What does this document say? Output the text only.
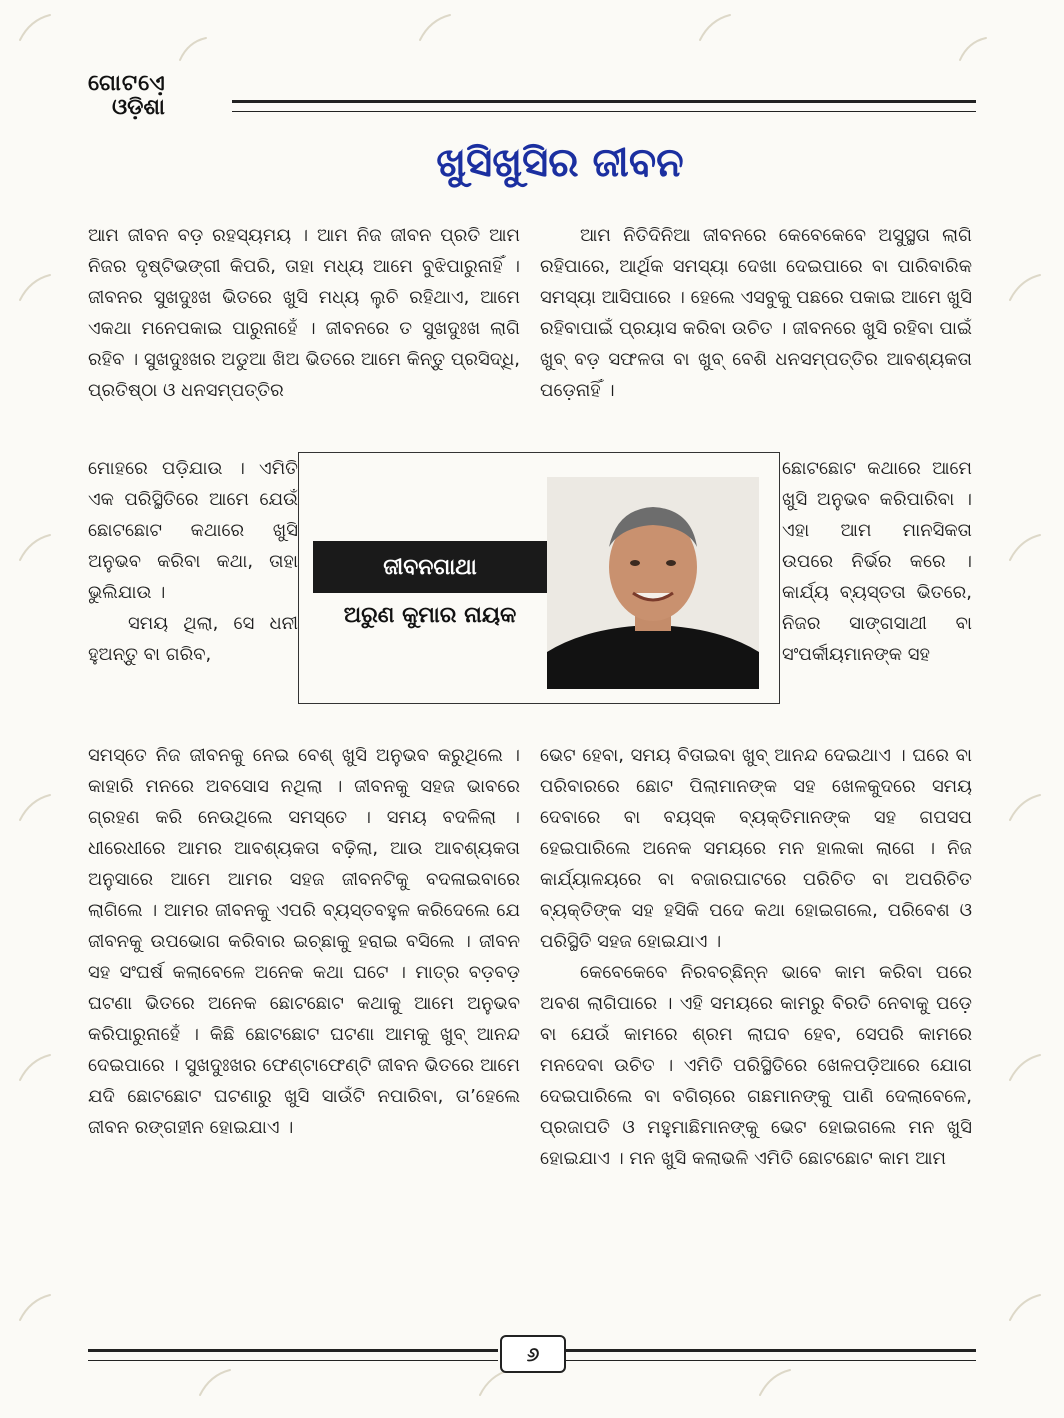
ଗୋଟଏ଼େ
ଓଡ଼ିଶା
ଖୁସିଖୁସିର ଜୀବନ

ଆମ ଜୀବନ ବଡ଼ ରହସ୍ୟମୟ । ଆମ ନିଜ ଜୀବନ ପ୍ରତି ଆମ ନିଜର ଦୃଷ୍ଟିଭଙ୍ଗୀ କିପରି, ତାହା ମଧ୍ୟ ଆମେ ବୁଝିପାରୁନାହିଁ । ଜୀବନର ସୁଖଦୁଃଖ ଭିତରେ ଖୁସି ମଧ୍ୟ ଲୁଚି ରହିଥାଏ, ଆମେ ଏକଥା ମନେପକାଇ ପାରୁନାହେଁ । ଜୀବନରେ ତ ସୁଖଦୁଃଖ ଲାଗି ରହିବ । ସୁଖଦୁଃଖର ଅଡୁଆ ଖିଅ ଭିତରେ ଆମେ କିନ୍ତୁ ପ୍ରସିଦ୍ଧି, ପ୍ରତିଷ୍ଠା ଓ ଧନସମ୍ପତ୍ତିର

ମୋହରେ ପଡ଼ିଯାଉ । ଏମିତି ଏକ ପରିସ୍ଥିତିରେ ଆମେ ଯେଉଁ ଛୋଟଛୋଟ କଥାରେ ଖୁସି ଅନୁଭବ କରିବା କଥା, ତାହା ଭୁଲିଯାଉ ।

ସମୟ ଥିଲା, ସେ ଧନୀ ହୁଅନ୍ତୁ ବା ଗରିବ,

ସମସ୍ତେ ନିଜ ଜୀବନକୁ ନେଇ ବେଶ୍ ଖୁସି ଅନୁଭବ କରୁଥିଲେ । କାହାରି ମନରେ ଅବସୋସ ନଥିଲା । ଜୀବନକୁ ସହଜ ଭାବରେ ଗ୍ରହଣ କରି ନେଉଥିଲେ ସମସ୍ତେ । ସମୟ ବଦଳିଲା । ଧୀରେଧୀରେ ଆମର ଆବଶ୍ୟକତା ବଢ଼ିଲା, ଆଉ ଆବଶ୍ୟକତା ଅନୁସାରେ ଆମେ ଆମର ସହଜ ଜୀବନଟିକୁ ବଦଳାଇବାରେ ଲାଗିଲେ । ଆମର ଜୀବନକୁ ଏପରି ବ୍ୟସ୍ତବହୁଳ କରିଦେଲେ ଯେ ଜୀବନକୁ ଉପଭୋଗ କରିବାର ଇଚ୍ଛାକୁ ହରାଇ ବସିଲେ । ଜୀବନ ସହ ସଂଘର୍ଷ କଲାବେଳେ ଅନେକ କଥା ଘଟେ । ମାତ୍ର ବଡ଼ବଡ଼ ଘଟଣା ଭିତରେ ଅନେକ ଛୋଟଛୋଟ କଥାକୁ ଆମେ ଅନୁଭବ କରିପାରୁନାହେଁ । କିଛି ଛୋଟଛୋଟ ଘଟଣା ଆମକୁ ଖୁବ୍ ଆନନ୍ଦ ଦେଇପାରେ । ସୁଖଦୁଃଖର ଫେଣ୍ଟାଫେଣ୍ଟି ଜୀବନ ଭିତରେ ଆମେ ଯଦି ଛୋଟଛୋଟ ଘଟଣାରୁ ଖୁସି ସାଉଁଟି ନପାରିବା, ତା’ହେଲେ ଜୀବନ ରଙ୍ଗହୀନ ହୋଇଯାଏ ।

ଆମ ନିତିଦିନିଆ ଜୀବନରେ କେବେକେବେ ଅସୁସ୍ଥତା ଲାଗି ରହିପାରେ, ଆର୍ଥିକ ସମସ୍ୟା ଦେଖା ଦେଇପାରେ ବା ପାରିବାରିକ ସମସ୍ୟା ଆସିପାରେ । ହେଲେ ଏସବୁକୁ ପଛରେ ପକାଇ ଆମେ ଖୁସି ରହିବାପାଇଁ ପ୍ରୟାସ କରିବା ଉଚିତ । ଜୀବନରେ ଖୁସି ରହିବା ପାଇଁ ଖୁବ୍ ବଡ଼ ସଫଳତା ବା ଖୁବ୍ ବେଶି ଧନସମ୍ପତ୍ତିର ଆବଶ୍ୟକତା ପଡ଼େନାହିଁ ।

ଛୋଟଛୋଟ କଥାରେ ଆମେ ଖୁସି ଅନୁଭବ କରିପାରିବା । ଏହା ଆମ ମାନସିକତା ଉପରେ ନିର୍ଭର କରେ । କାର୍ଯ୍ୟ ବ୍ୟସ୍ତତା ଭିତରେ, ନିଜର ସାଙ୍ଗସାଥୀ ବା ସଂପର୍କୀୟମାନଙ୍କ ସହ

ଭେଟ ହେବା, ସମୟ ବିତାଇବା ଖୁବ୍ ଆନନ୍ଦ ଦେଇଥାଏ । ଘରେ ବା ପରିବାରରେ ଛୋଟ ପିଲାମାନଙ୍କ ସହ ଖେଳକୁଦରେ ସମୟ ଦେବାରେ ବା ବୟସ୍କ ବ୍ୟକ୍ତିମାନଙ୍କ ସହ ଗପସପ ହେଇପାରିଲେ ଅନେକ ସମୟରେ ମନ ହାଲକା ଲାଗେ । ନିଜ କାର୍ଯ୍ୟାଳୟରେ ବା ବଜାରଘାଟରେ ପରିଚିତ ବା ଅପରିଚିତ ବ୍ୟକ୍ତିଙ୍କ ସହ ହସିକି ପଦେ କଥା ହୋଇଗଲେ, ପରିବେଶ ଓ ପରିସ୍ଥିତି ସହଜ ହୋଇଯାଏ ।

କେବେକେବେ ନିରବଚ୍ଛିନ୍ନ ଭାବେ କାମ କରିବା ପରେ ଅବଶ ଲାଗିପାରେ । ଏହି ସମୟରେ କାମରୁ ବିରତି ନେବାକୁ ପଡ଼େ ବା ଯେଉଁ କାମରେ ଶ୍ରମ ଲାଘବ ହେବ, ସେପରି କାମରେ ମନଦେବା ଉଚିତ । ଏମିତି ପରିସ୍ଥିତିରେ ଖେଳପଡ଼ିଆରେ ଯୋଗ ଦେଇପାରିଲେ ବା ବଗିଚାରେ ଗଛମାନଙ୍କୁ ପାଣି ଦେଲାବେଳେ, ପ୍ରଜାପତି ଓ ମହୁମାଛିମାନଙ୍କୁ ଭେଟ ହୋଇଗଲେ ମନ ଖୁସି ହୋଇଯାଏ । ମନ ଖୁସି କଲାଭଳି ଏମିତି ଛୋଟଛୋଟ କାମ ଆମ

ଜୀବନଗାଥା
ଅରୁଣ କୁମାର ନାୟକ
୬
